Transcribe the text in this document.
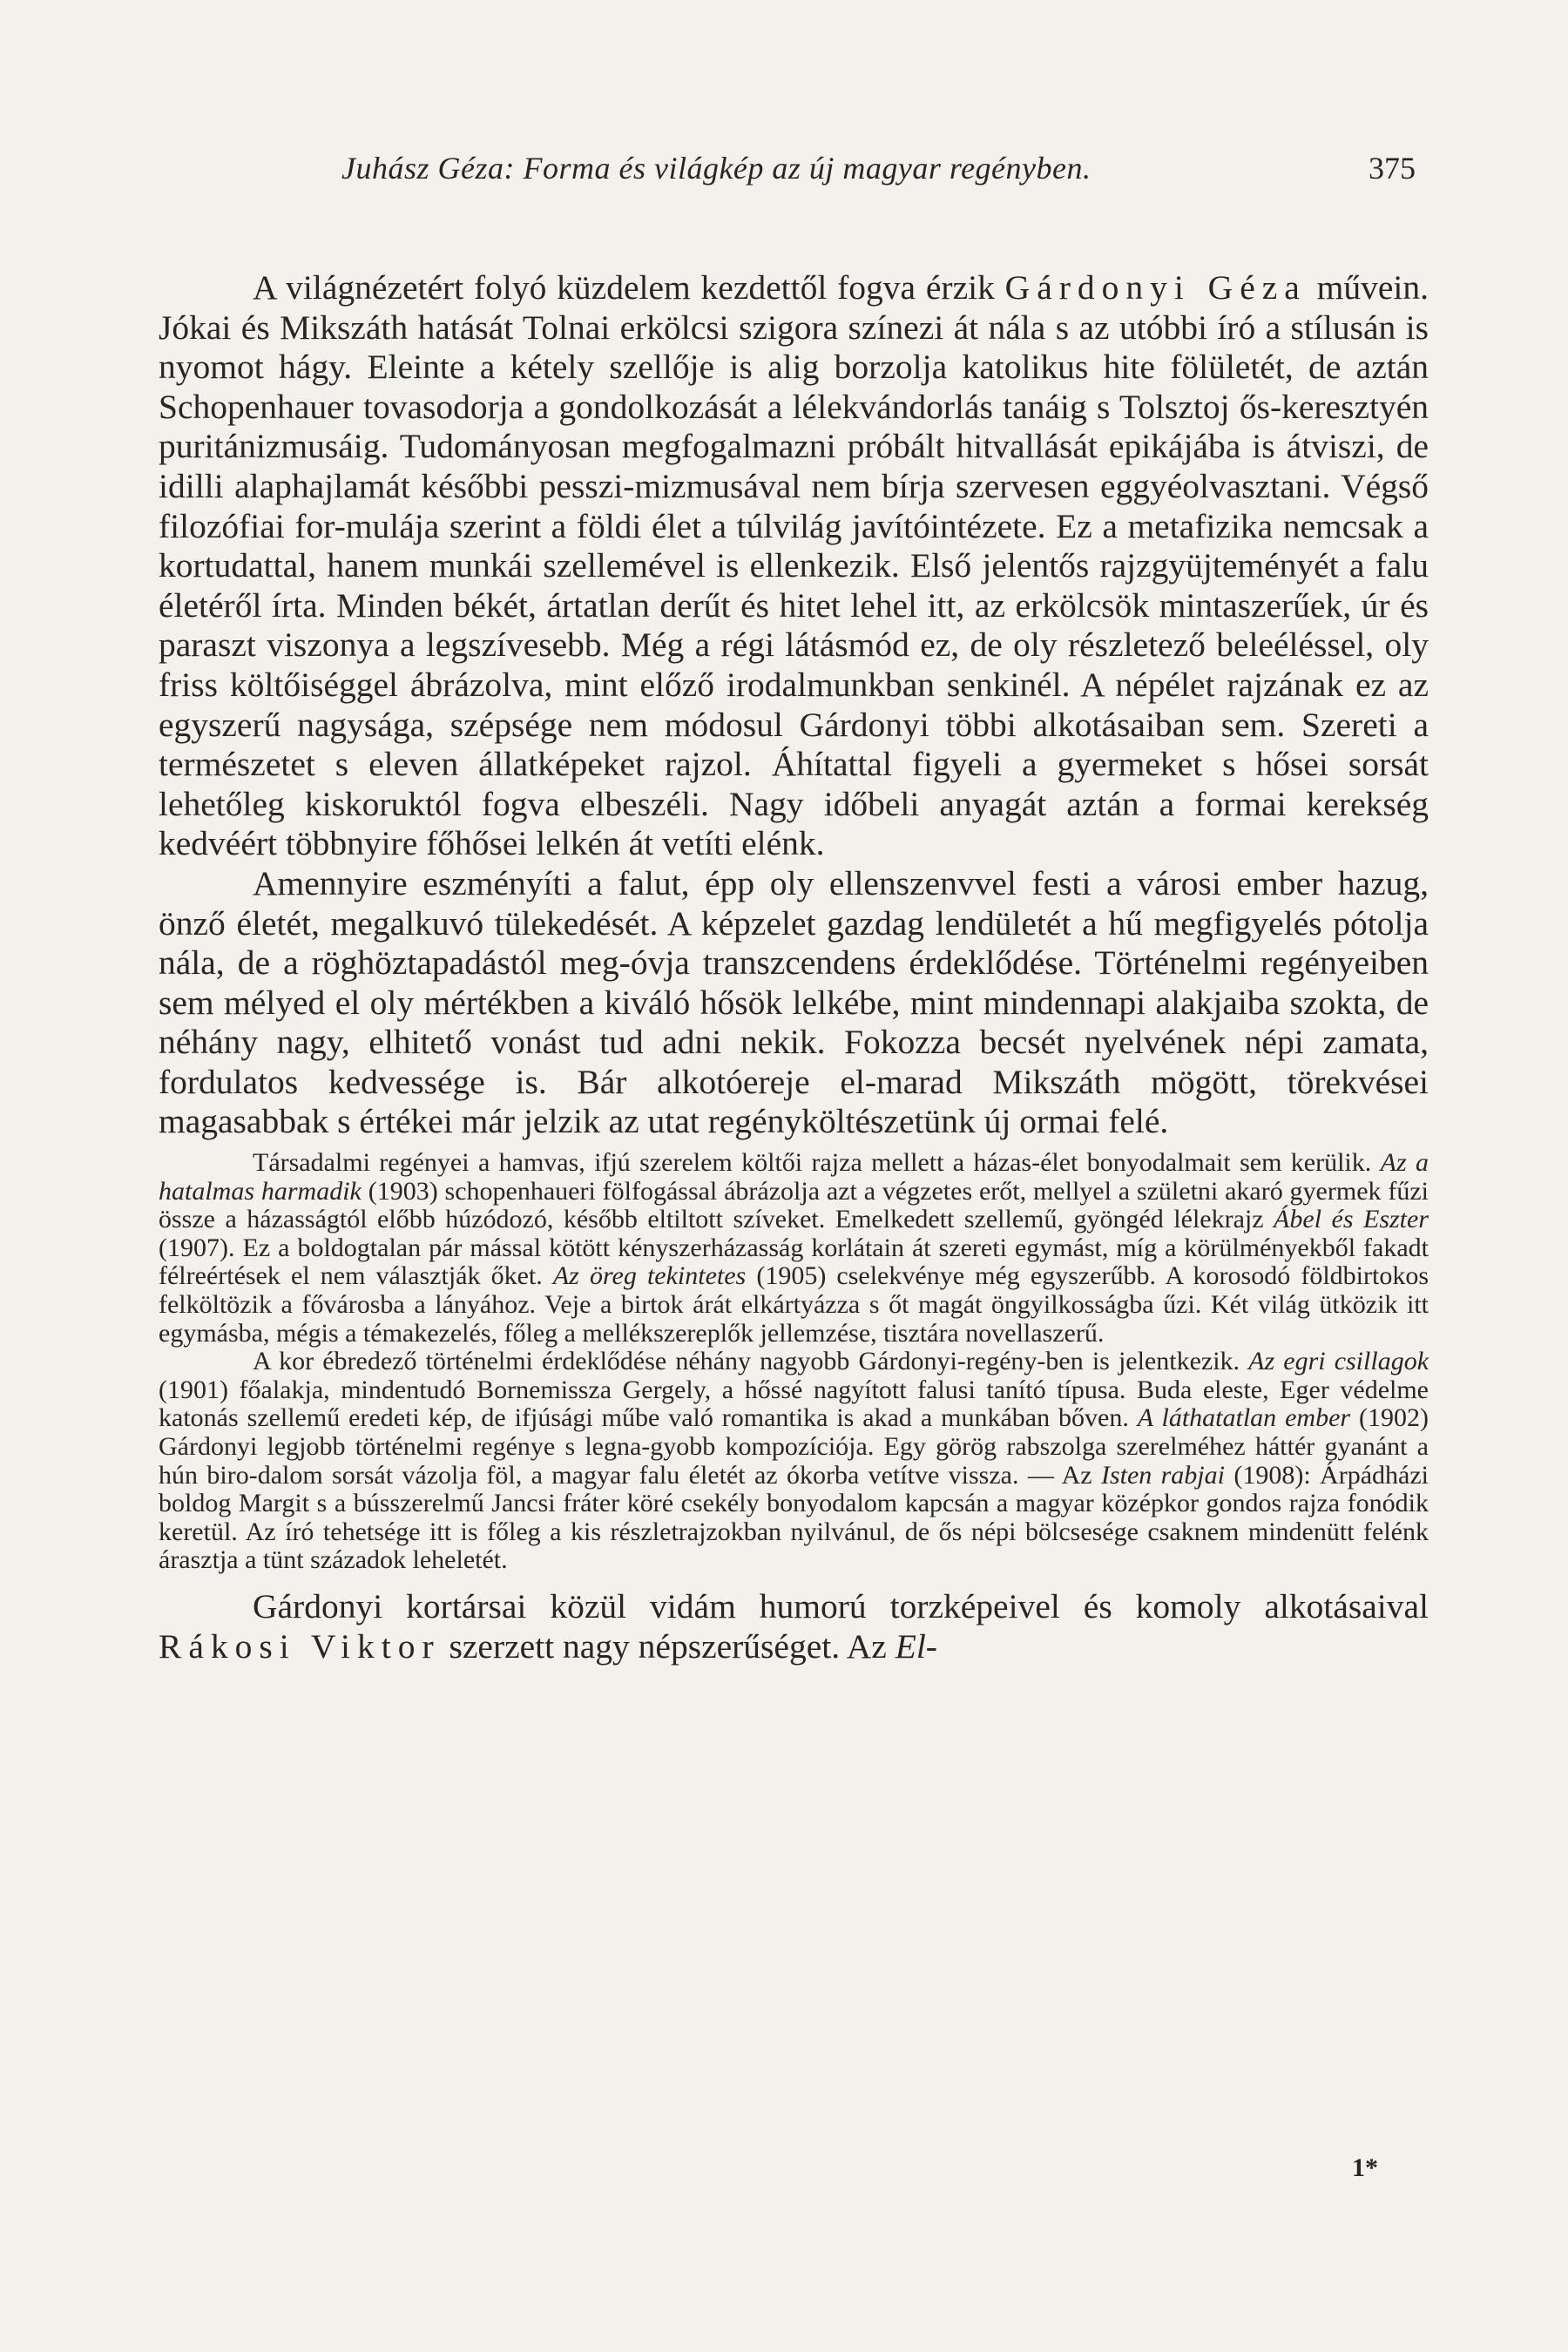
Juhász Géza: Forma és világkép az új magyar regényben.	375

A világnézetért folyó küzdelem kezdettől fogva érzik Gárdonyi Géza művein. Jókai és Mikszáth hatását Tolnai erkölcsi szigora színezi át nála s az utóbbi író a stílusán is nyomot hágy. Eleinte a kétely szellője is alig borzolja katolikus hite fölületét, de aztán Schopenhauer tovasodorja a gondolkozását a lélekvándorlás tanáig s Tolsztoj ős-keresztyén puritánizmusáig. Tudományosan megfogalmazni próbált hitvallását epikájába is átviszi, de idilli alaphajlamát későbbi pesszi-mizmusával nem bírja szervesen eggyéolvasztani. Végső filozófiai for-mulája szerint a földi élet a túlvilág javítóintézete. Ez a metafizika nemcsak a kortudattal, hanem munkái szellemével is ellenkezik. Első jelentős rajzgyüjteményét a falu életéről írta. Minden békét, ártatlan derűt és hitet lehel itt, az erkölcsök mintaszerűek, úr és paraszt viszonya a legszívesebb. Még a régi látásmód ez, de oly részletező beleéléssel, oly friss költőiséggel ábrázolva, mint előző irodalmunkban senkinél. A népélet rajzának ez az egyszerű nagysága, szépsége nem módosul Gárdonyi többi alkotásaiban sem. Szereti a természetet s eleven állatképeket rajzol. Áhítattal figyeli a gyermeket s hősei sorsát lehetőleg kiskoruktól fogva elbeszéli. Nagy időbeli anyagát aztán a formai kerekség kedvéért többnyire főhősei lelkén át vetíti elénk.

Amennyire eszményíti a falut, épp oly ellenszenvvel festi a városi ember hazug, önző életét, megalkuvó tülekedését. A képzelet gazdag lendületét a hű megfigyelés pótolja nála, de a röghöztapadástól meg-óvja transzcendens érdeklődése. Történelmi regényeiben sem mélyed el oly mértékben a kiváló hősök lelkébe, mint mindennapi alakjaiba szokta, de néhány nagy, elhitető vonást tud adni nekik. Fokozza becsét nyelvének népi zamata, fordulatos kedvessége is. Bár alkotóereje el-marad Mikszáth mögött, törekvései magasabbak s értékei már jelzik az utat regényköltészetünk új ormai felé.

Társadalmi regényei a hamvas, ifjú szerelem költői rajza mellett a házas-élet bonyodalmait sem kerülik. Az a hatalmas harmadik (1903) schopenhaueri fölfogással ábrázolja azt a végzetes erőt, mellyel a születni akaró gyermek fűzi össze a házasságtól előbb húzódozó, később eltiltott szíveket. Emelkedett szellemű, gyöngéd lélekrajz Ábel és Eszter (1907). Ez a boldogtalan pár mással kötött kényszerházasság korlátain át szereti egymást, míg a körülményekből fakadt félreértések el nem választják őket. Az öreg tekintetes (1905) cselekvénye még egyszerűbb. A korosodó földbirtokos felköltözik a fővárosba a lányához. Veje a birtok árát elkártyázza s őt magát öngyilkosságba űzi. Két világ ütközik itt egymásba, mégis a témakezelés, főleg a mellékszereplők jellemzése, tisztára novellaszerű.

A kor ébredező történelmi érdeklődése néhány nagyobb Gárdonyi-regény-ben is jelentkezik. Az egri csillagok (1901) főalakja, mindentudó Bornemissza Gergely, a hőssé nagyított falusi tanító típusa. Buda eleste, Eger védelme katonás szellemű eredeti kép, de ifjúsági műbe való romantika is akad a munkában bőven. A láthatatlan ember (1902) Gárdonyi legjobb történelmi regénye s legna-gyobb kompozíciója. Egy görög rabszolga szerelméhez háttér gyanánt a hún biro-dalom sorsát vázolja föl, a magyar falu életét az ókorba vetítve vissza. — Az Isten rabjai (1908): Árpádházi boldog Margit s a bússzerelmű Jancsi fráter köré csekély bonyodalom kapcsán a magyar középkor gondos rajza fonódik keretül. Az író tehetsége itt is főleg a kis részletrajzokban nyilvánul, de ős népi bölcsesége csaknem mindenütt felénk árasztja a tünt századok leheletét.

Gárdonyi kortársai közül vidám humorú torzképeivel és komoly alkotásaival Rákosi Viktor szerzett nagy népszerűséget. Az El-

1*
